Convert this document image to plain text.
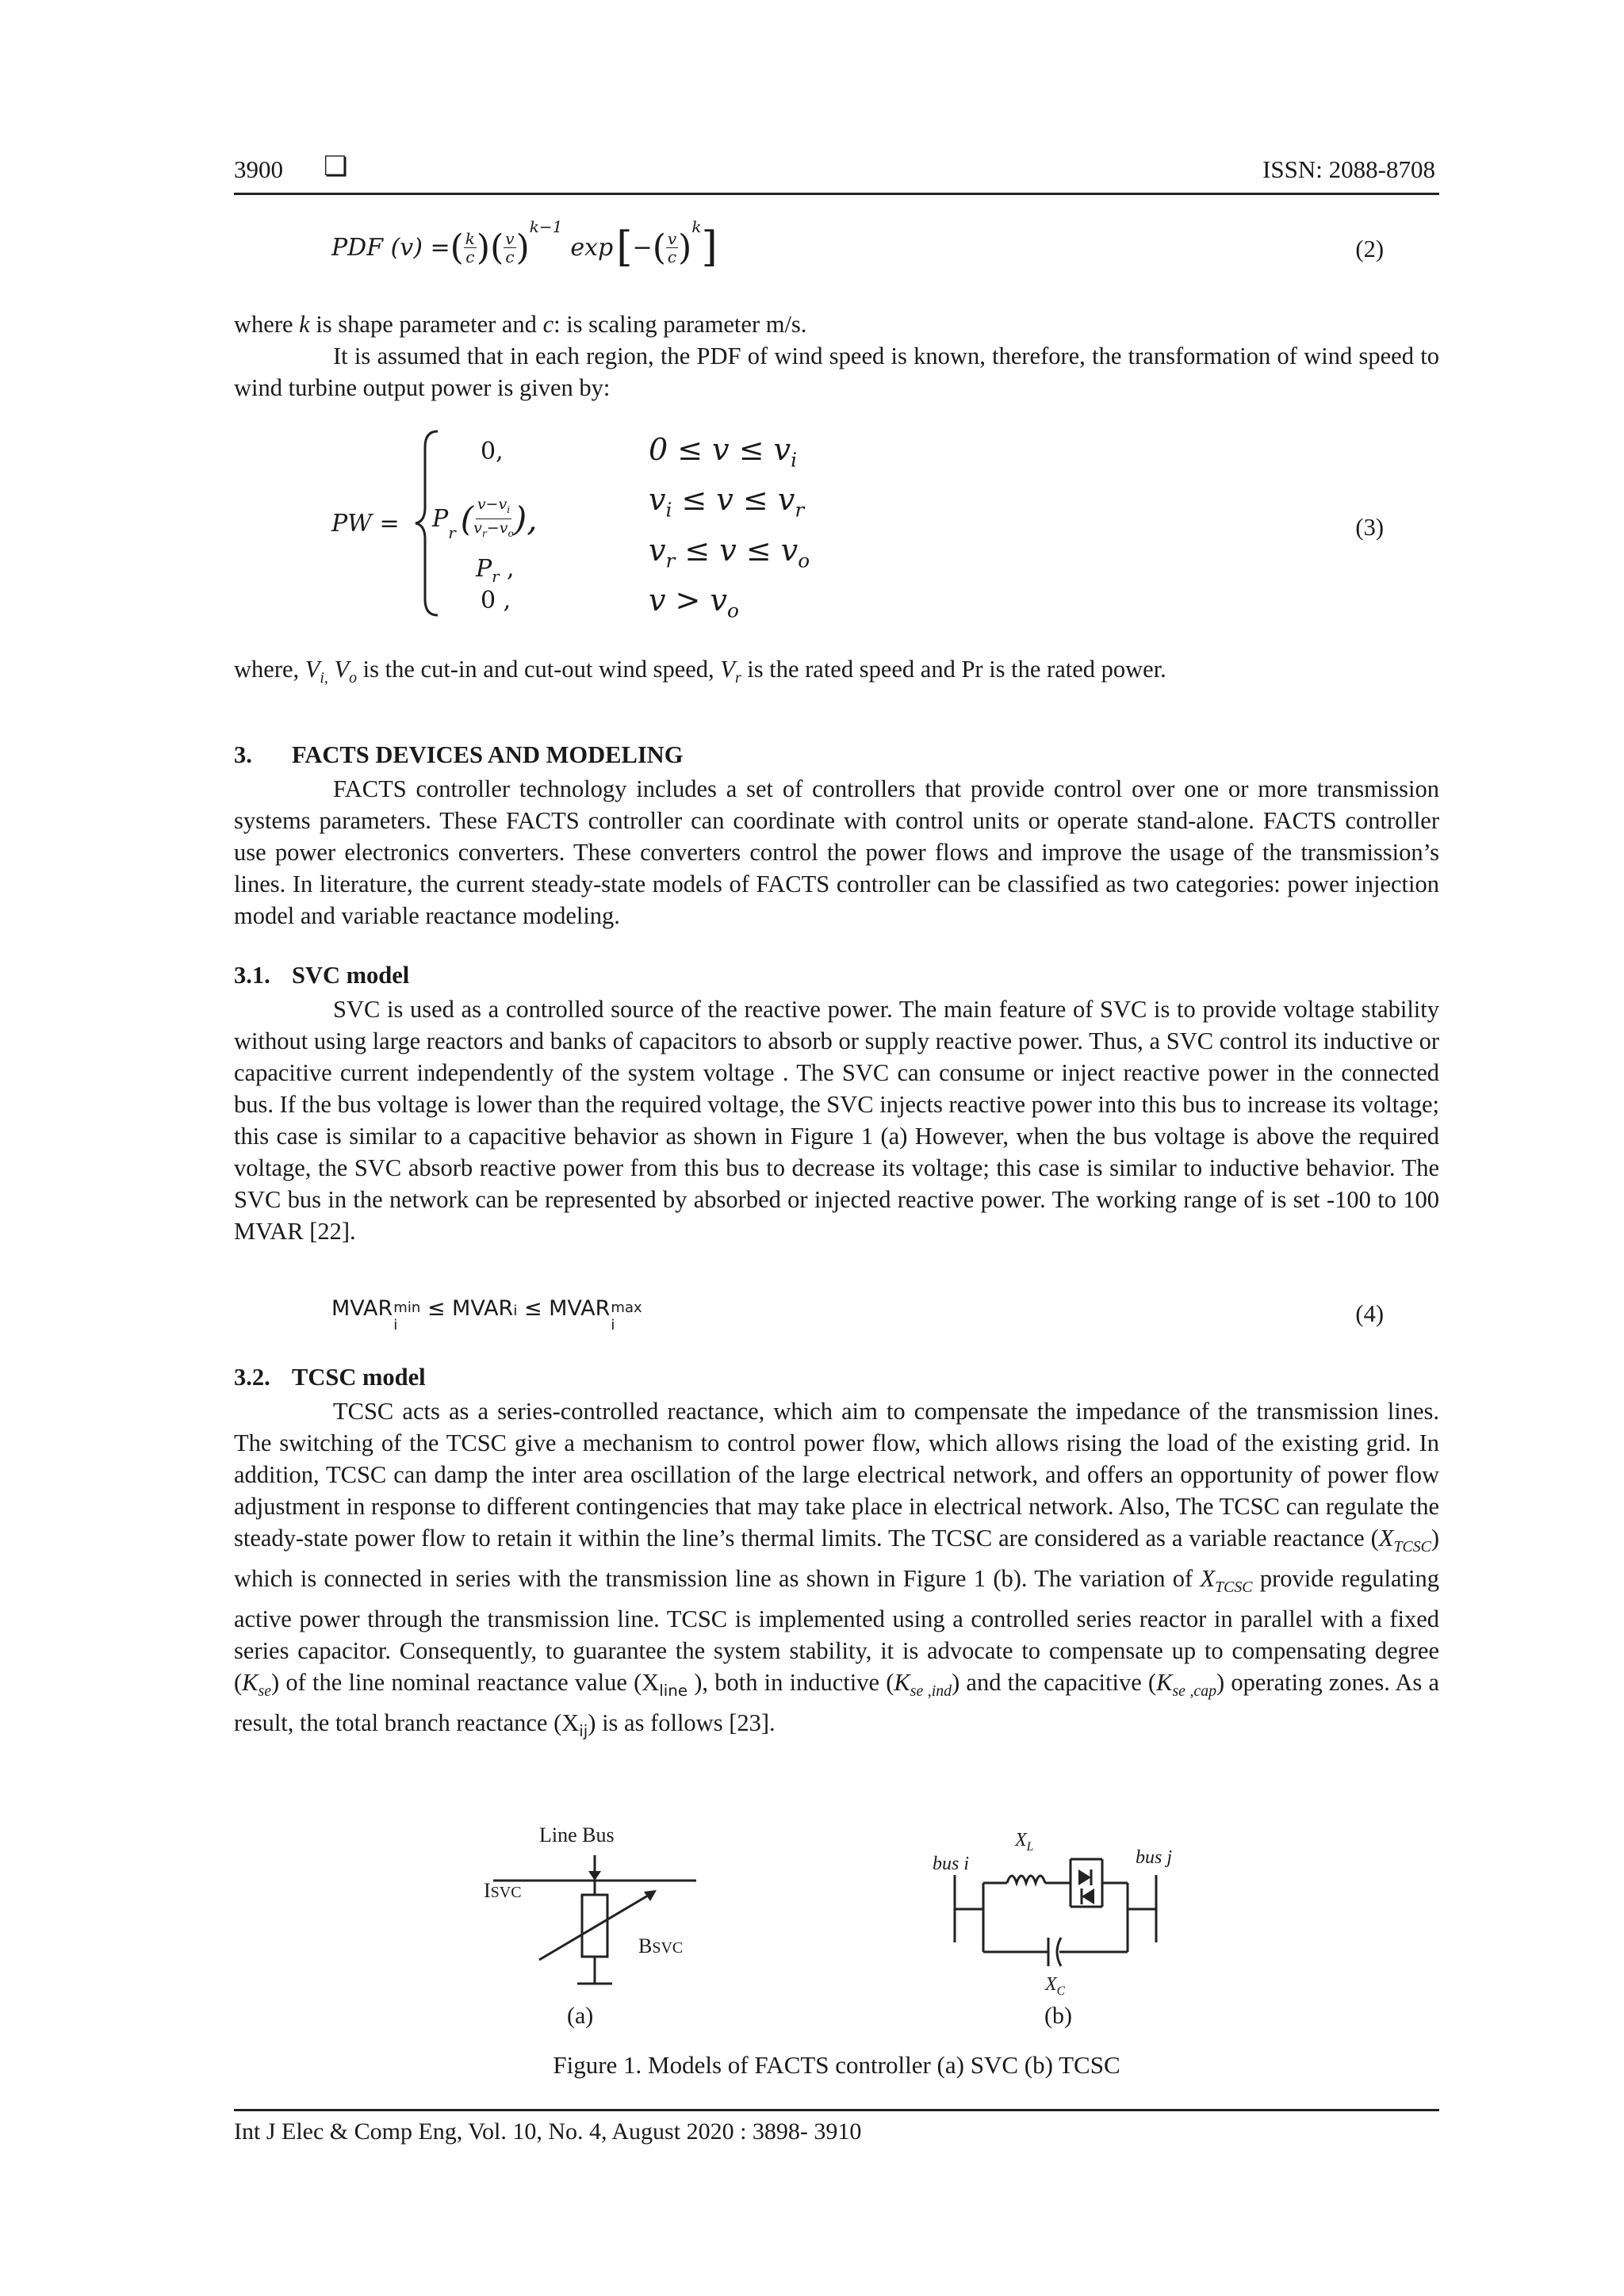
3900 ❏	ISSN: 2088-8708
PDF (v) = ( $\frac{k}{c}$ ) ( $\frac{v}{c}$ )
k−1
exp [ − ( $\frac{v}{c}$ )
k ]	(2)
where k is shape parameter and c: is scaling parameter m/s.

It is assumed that in each region, the PDF of wind speed is known, therefore, the transformation of wind speed to wind turbine output power is given by:

PW =
0,
$P_r$ ( $\frac{v-v_i}{v_r-v_o}$ ),
$P_r$ ,
0 ,
$0 \le v \le v_i$
$v_i \le v \le v_r$
$v_r \le v \le v_o$
$v > v_o$
(3)
where, $V_{i,}$ $V_o$ is the cut-in and cut-out wind speed, $V_r$ is the rated speed and Pr is the rated power.
3. FACTS DEVICES AND MODELING

FACTS controller technology includes a set of controllers that provide control over one or more transmission systems parameters. These FACTS controller can coordinate with control units or operate stand-alone. FACTS controller use power electronics converters. These converters control the power flows and improve the usage of the transmission’s lines. In literature, the current steady-state models of FACTS controller can be classified as two categories: power injection model and variable reactance modeling.

3.1. SVC model

SVC is used as a controlled source of the reactive power. The main feature of SVC is to provide voltage stability without using large reactors and banks of capacitors to absorb or supply reactive power. Thus, a SVC control its inductive or capacitive current independently of the system voltage . The SVC can consume or inject reactive power in the connected bus. If the bus voltage is lower than the required voltage, the SVC injects reactive power into this bus to increase its voltage; this case is similar to a capacitive behavior as shown in Figure 1 (a) However, when the bus voltage is above the required voltage, the SVC absorb reactive power from this bus to decrease its voltage; this case is similar to inductive behavior. The SVC bus in the network can be represented by absorbed or injected reactive power. The working range of is set -100 to 100 MVAR [22].

MVAR min
i
≤ MVAR i ≤ MVAR max
i	(4)
3.2. TCSC model

TCSC acts as a series-controlled reactance, which aim to compensate the impedance of the transmission lines. The switching of the TCSC give a mechanism to control power flow, which allows rising the load of the existing grid. In addition, TCSC can damp the inter area oscillation of the large electrical network, and offers an opportunity of power flow adjustment in response to different contingencies that may take place in electrical network. Also, The TCSC can regulate the steady-state power flow to retain it within the line’s thermal limits. The TCSC are considered as a variable reactance $(X_{TCSC})$ which is connected in series with the transmission line as shown in Figure 1 (b). The variation of $X_{TCSC}$ provide regulating active power through the transmission line. TCSC is implemented using a controlled series reactor in parallel with a fixed series capacitor. Consequently, to guarantee the system stability, it is advocate to compensate up to compensating degree $(K_{se})$ of the line nominal reactance value ($X_{line}$ ), both in inductive $(K_{se ,ind})$ and the capacitive $(K_{se ,cap})$ operating zones. As a result, the total branch reactance $(X_{ij})$ is as follows [23].

Line Bus
ISVC
BSVC
(a)
bus i	bus j
$X_L$
$X_C$
(b)
Figure 1. Models of FACTS controller (a) SVC (b) TCSC
Int J Elec & Comp Eng, Vol. 10, No. 4, August 2020 : 3898- 3910
